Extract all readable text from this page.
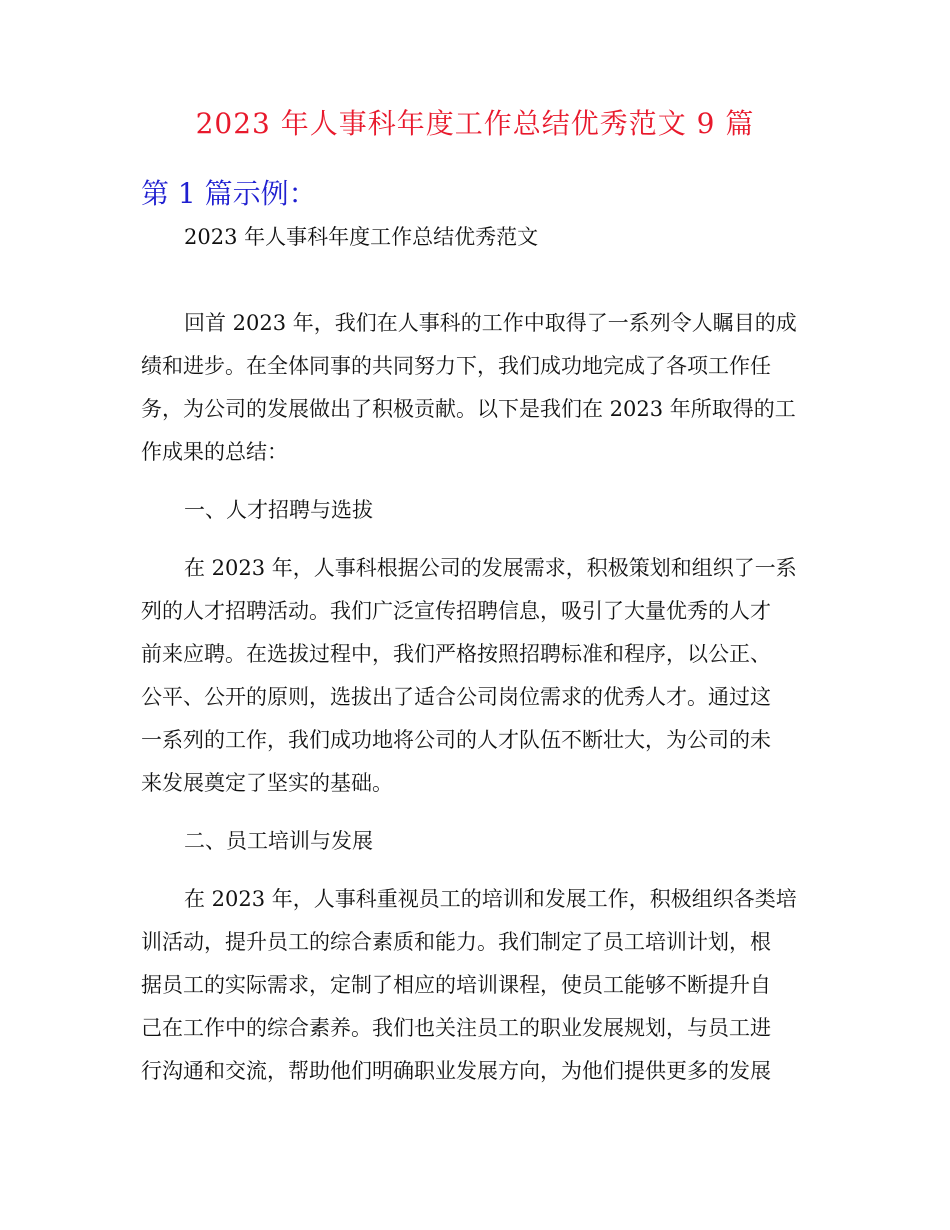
2023 年人事科年度工作总结优秀范文 9 篇
第 1 篇示例：
2023 年人事科年度工作总结优秀范文
回首 2023 年，我们在人事科的工作中取得了一系列令人瞩目的成
绩和进步。在全体同事的共同努力下，我们成功地完成了各项工作任
务，为公司的发展做出了积极贡献。以下是我们在 2023 年所取得的工
作成果的总结：
一、人才招聘与选拔
在 2023 年，人事科根据公司的发展需求，积极策划和组织了一系
列的人才招聘活动。我们广泛宣传招聘信息，吸引了大量优秀的人才
前来应聘。在选拔过程中，我们严格按照招聘标准和程序，以公正、
公平、公开的原则，选拔出了适合公司岗位需求的优秀人才。通过这
一系列的工作，我们成功地将公司的人才队伍不断壮大，为公司的未
来发展奠定了坚实的基础。
二、员工培训与发展
在 2023 年，人事科重视员工的培训和发展工作，积极组织各类培
训活动，提升员工的综合素质和能力。我们制定了员工培训计划，根
据员工的实际需求，定制了相应的培训课程，使员工能够不断提升自
己在工作中的综合素养。我们也关注员工的职业发展规划，与员工进
行沟通和交流，帮助他们明确职业发展方向，为他们提供更多的发展
